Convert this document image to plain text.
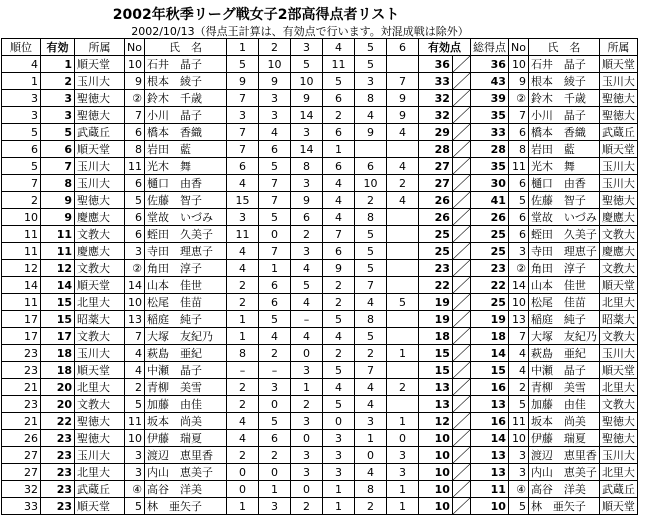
2002年秋季リーグ戦女子2部高得点者リスト
2002/10/13（得点王計算は、有効点で行います。対混成戦は除外）
順位	有効	所属	No	氏　名	1	2	3	4	5	6	有効点		総得点	No	氏　名	所属
4	1	順天堂	10	石井　晶子	5	10	5	11	5		36		36	10	石井　晶子	順天堂
1	2	玉川大	9	根本　綾子	9	9	10	5	3	7	33		43	9	根本　綾子	玉川大
3	3	聖徳大	②	鈴木　千歳	7	3	9	6	8	9	32		39	②	鈴木　千歳	聖徳大
3	3	聖徳大	7	小川　晶子	3	3	14	2	4	9	32		35	7	小川　晶子	聖徳大
5	5	武蔵丘	6	橋本　香織	7	4	3	6	9	4	29		33	6	橋本　香織	武蔵丘
6	6	順天堂	8	岩田　藍	7	6	14	1			28		28	8	岩田　藍	順天堂
5	7	玉川大	11	光木　舞	6	5	8	6	6	4	27		35	11	光木　舞	玉川大
7	8	玉川大	6	樋口　由香	4	7	3	4	10	2	27		30	6	樋口　由香	玉川大
2	9	聖徳大	5	佐藤　智子	15	7	9	4	2	4	26		41	5	佐藤　智子	聖徳大
10	9	慶應大	6	堂故　いづみ	3	5	6	4	8		26		26	6	堂故　いづみ	慶應大
11	11	文教大	6	蛭田　久美子	11	0	2	7	5		25		25	6	蛭田　久美子	文教大
11	11	慶應大	3	寺田　理恵子	4	7	3	6	5		25		25	3	寺田　理恵子	慶應大
12	12	文教大	②	角田　淳子	4	1	4	9	5		23		23	②	角田　淳子	文教大
14	14	順天堂	14	山本　佳世	2	6	5	2	7		22		22	14	山本　佳世	順天堂
11	15	北里大	10	松尾　佳苗	2	6	4	2	4	5	19		25	10	松尾　佳苗	北里大
17	15	昭薬大	13	稲庭　純子	1	5	–	5	8		19		19	13	稲庭　純子	昭薬大
17	17	文教大	7	大塚　友紀乃	1	4	4	4	5		18		18	7	大塚　友紀乃	文教大
23	18	玉川大	4	萩島　亜紀	8	2	0	2	2	1	15		14	4	萩島　亜紀	玉川大
23	18	順天堂	4	中瀬　晶子	–	–	3	5	7		15		15	4	中瀬　晶子	順天堂
21	20	北里大	2	青柳　美雪	2	3	1	4	4	2	13		16	2	青柳　美雪	北里大
23	20	文教大	5	加藤　由佳	2	0	2	5	4		13		13	5	加藤　由佳	文教大
21	22	聖徳大	11	坂本　尚美	4	5	3	0	3	1	12		16	11	坂本　尚美	聖徳大
26	23	聖徳大	10	伊藤　瑞夏	4	6	0	3	1	0	10		14	10	伊藤　瑞夏	聖徳大
27	23	玉川大	3	渡辺　恵里香	2	2	3	3	0	3	10		13	3	渡辺　恵里香	玉川大
27	23	北里大	3	内山　恵美子	0	0	3	3	4	3	10		13	3	内山　恵美子	北里大
32	23	武蔵丘	④	高谷　洋美	0	1	0	1	8	1	10		11	④	高谷　洋美	武蔵丘
33	23	順天堂	5	林　亜矢子	1	3	2	1	2	1	10		10	5	林　亜矢子	順天堂
